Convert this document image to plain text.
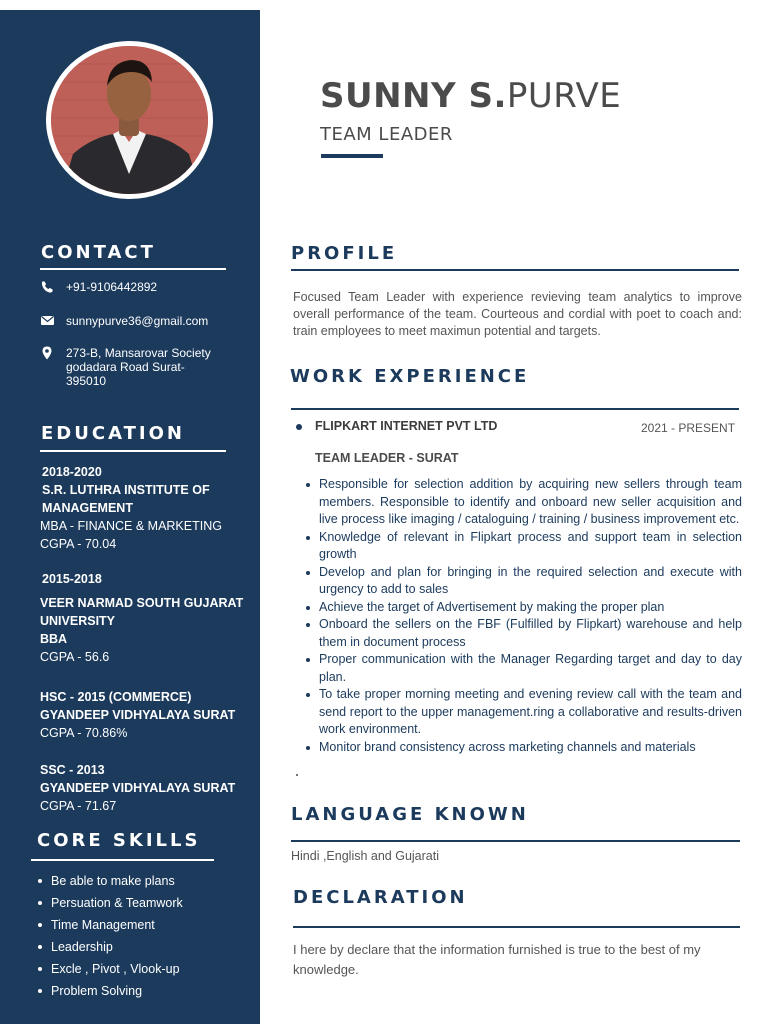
CONTACT
+91-9106442892
sunnypurve36@gmail.com
273-B, Mansarovar Society godadara Road Surat- 395010
EDUCATION
2018-2020
S.R. LUTHRA INSTITUTE OF MANAGEMENT
MBA - FINANCE & MARKETING
CGPA - 70.04
2015-2018
VEER NARMAD SOUTH GUJARAT UNIVERSITY
BBA
CGPA - 56.6
HSC - 2015 (COMMERCE)
GYANDEEP VIDHYALAYA SURAT
CGPA - 70.86%
SSC - 2013
GYANDEEP VIDHYALAYA SURAT
CGPA - 71.67
CORE SKILLS
Be able to make plans
Persuation & Teamwork
Time Management
Leadership
Excle , Pivot , Vlook-up
Problem Solving
SUNNY S.PURVE
TEAM LEADER
PROFILE

Focused Team Leader with experience revieving team analytics to improve overall performance of the team. Courteous and cordial with poet to coach and: train employees to meet maximun potential and targets.

WORK EXPERIENCE
FLIPKART INTERNET PVT LTD	2021 - PRESENT
TEAM LEADER - SURAT
Responsible for selection addition by acquiring new sellers through team members. Responsible to identify and onboard new seller acquisition and live process like imaging / cataloguing / training / business improvement etc.
Knowledge of relevant in Flipkart process and support team in selection growth
Develop and plan for bringing in the required selection and execute with urgency to add to sales
Achieve the target of Advertisement by making the proper plan
Onboard the sellers on the FBF (Fulfilled by Flipkart) warehouse and help them in document process
Proper communication with the Manager Regarding target and day to day plan.
To take proper morning meeting and evening review call with the team and send report to the upper management.ring a collaborative and results-driven work environment.
Monitor brand consistency across marketing channels and materials
LANGUAGE KNOWN

Hindi ,English and Gujarati

DECLARATION

I here by declare that the information furnished is true to the best of my knowledge.
